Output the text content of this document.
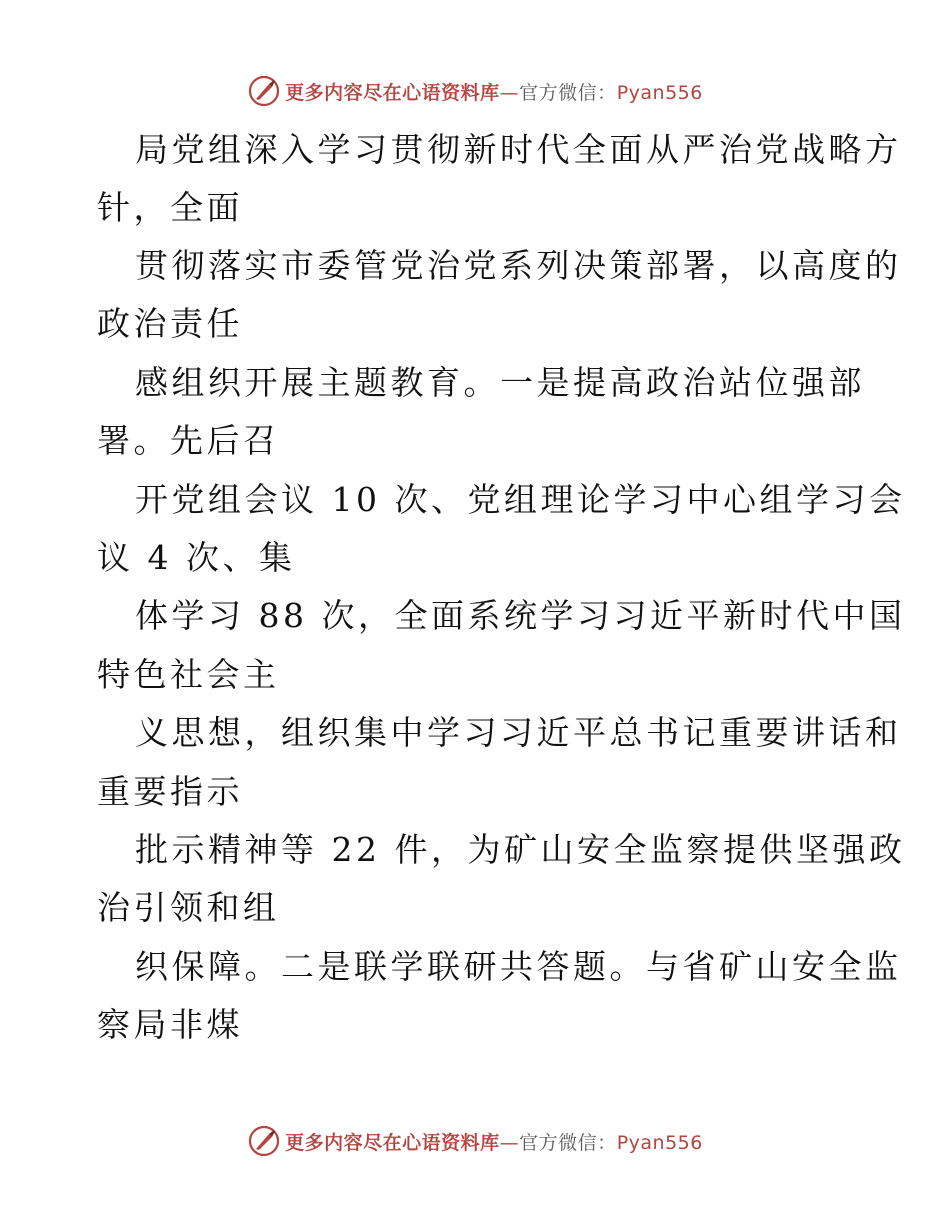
更多内容尽在心语资料库—官方微信：Pyan556
局党组深入学习贯彻新时代全面从严治党战略方
针，全面
贯彻落实市委管党治党系列决策部署，以高度的
政治责任
感组织开展主题教育。一是提高政治站位强部
署。先后召
开党组会议 10 次、党组理论学习中心组学习会
议 4 次、集
体学习 88 次，全面系统学习习近平新时代中国
特色社会主
义思想，组织集中学习习近平总书记重要讲话和
重要指示
批示精神等 22 件，为矿山安全监察提供坚强政
治引领和组
织保障。二是联学联研共答题。与省矿山安全监
察局非煤
更多内容尽在心语资料库—官方微信：Pyan556
